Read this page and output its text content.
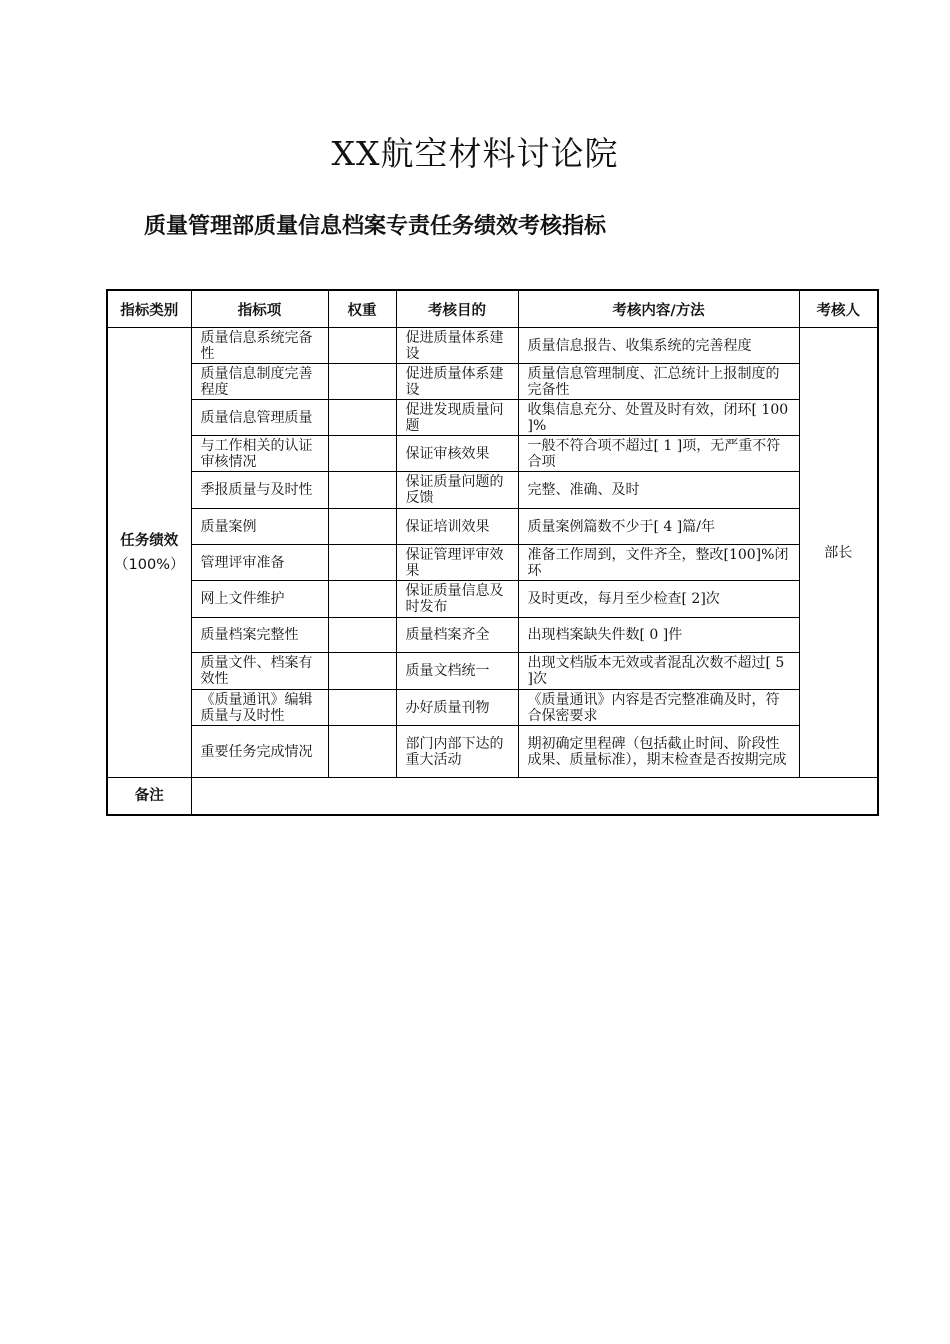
XX航空材料讨论院
质量管理部质量信息档案专责任务绩效考核指标
指标类别	指标项	权重	考核目的	考核内容/方法	考核人

任务绩效
（100%）	质量信息系统完备性		促进质量体系建设	质量信息报告、收集系统的完善程度	部长
	质量信息制度完善程度		促进质量体系建设	质量信息管理制度、汇总统计上报制度的完备性	
	质量信息管理质量		促进发现质量问题	收集信息充分、处置及时有效，闭环[ 100 ]%	
	与工作相关的认证审核情况		保证审核效果	一般不符合项不超过[ 1 ]项，无严重不符合项	
	季报质量与及时性		保证质量问题的反馈	完整、准确、及时	
	质量案例		保证培训效果	质量案例篇数不少于[ 4 ]篇/年	
	管理评审准备		保证管理评审效果	准备工作周到，文件齐全，整改[100]%闭环	
	网上文件维护		保证质量信息及时发布	及时更改，每月至少检查[ 2]次	
	质量档案完整性		质量档案齐全	出现档案缺失件数[ 0 ]件	
	质量文件、档案有效性		质量文档统一	出现文档版本无效或者混乱次数不超过[ 5 ]次	
	《质量通讯》编辑质量与及时性		办好质量刊物	《质量通讯》内容是否完整准确及时，符合保密要求	
	重要任务完成情况		部门内部下达的重大活动	期初确定里程碑（包括截止时间、阶段性成果、质量标准），期末检查是否按期完成	
备注					
